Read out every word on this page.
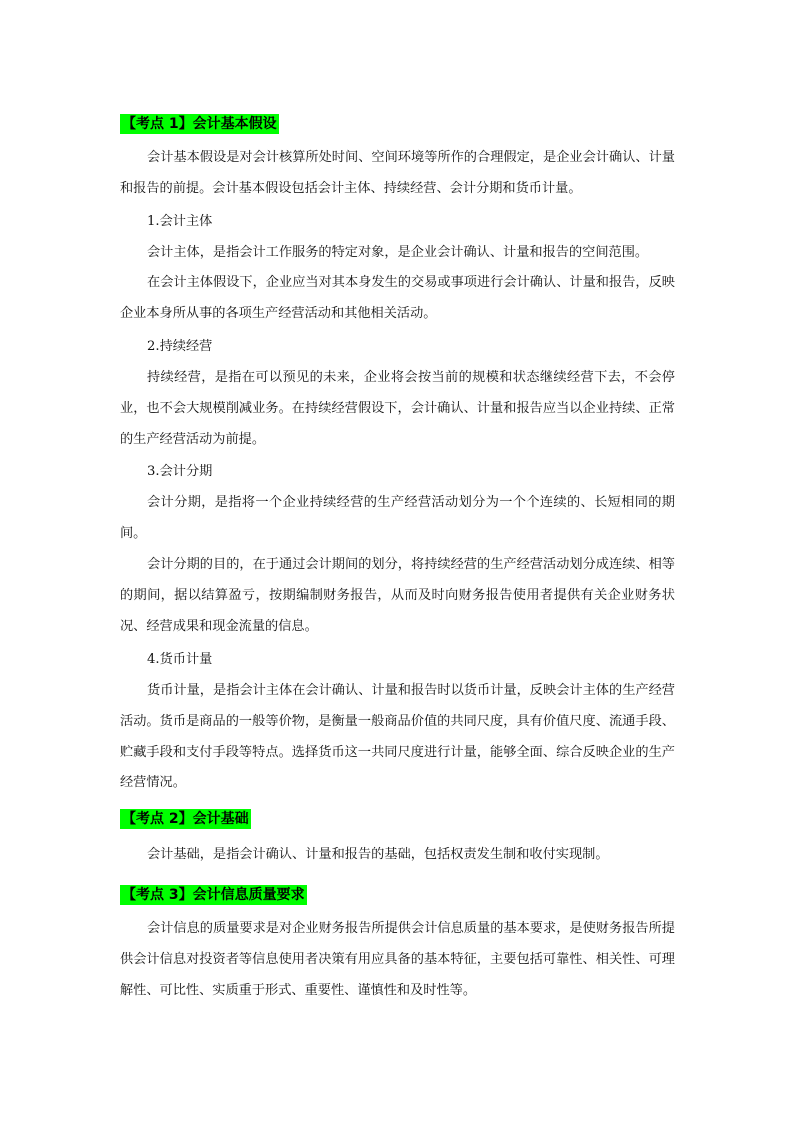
【考点 1】会计基本假设

会计基本假设是对会计核算所处时间、空间环境等所作的合理假定，是企业会计确认、计量和报告的前提。会计基本假设包括会计主体、持续经营、会计分期和货币计量。

1.会计主体

会计主体，是指会计工作服务的特定对象，是企业会计确认、计量和报告的空间范围。

在会计主体假设下，企业应当对其本身发生的交易或事项进行会计确认、计量和报告，反映企业本身所从事的各项生产经营活动和其他相关活动。

2.持续经营

持续经营，是指在可以预见的未来，企业将会按当前的规模和状态继续经营下去，不会停业，也不会大规模削减业务。在持续经营假设下，会计确认、计量和报告应当以企业持续、正常的生产经营活动为前提。

3.会计分期

会计分期，是指将一个企业持续经营的生产经营活动划分为一个个连续的、长短相同的期间。

会计分期的目的，在于通过会计期间的划分，将持续经营的生产经营活动划分成连续、相等的期间，据以结算盈亏，按期编制财务报告，从而及时向财务报告使用者提供有关企业财务状况、经营成果和现金流量的信息。

4.货币计量

货币计量，是指会计主体在会计确认、计量和报告时以货币计量，反映会计主体的生产经营活动。货币是商品的一般等价物，是衡量一般商品价值的共同尺度，具有价值尺度、流通手段、贮藏手段和支付手段等特点。选择货币这一共同尺度进行计量，能够全面、综合反映企业的生产经营情况。

【考点 2】会计基础

会计基础，是指会计确认、计量和报告的基础，包括权责发生制和收付实现制。

【考点 3】会计信息质量要求

会计信息的质量要求是对企业财务报告所提供会计信息质量的基本要求，是使财务报告所提供会计信息对投资者等信息使用者决策有用应具备的基本特征，主要包括可靠性、相关性、可理解性、可比性、实质重于形式、重要性、谨慎性和及时性等。
